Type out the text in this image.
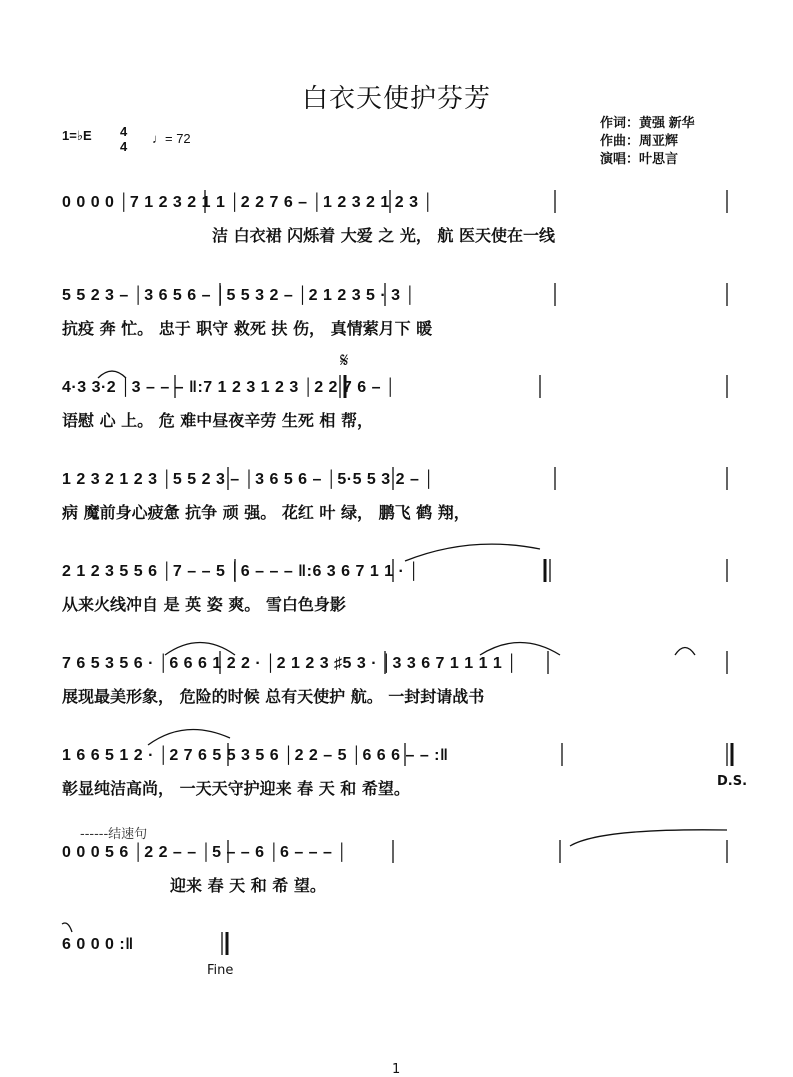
白衣天使护芬芳
1=♭E 4
4
♩= 72
作词：黄强 新华
作曲：周亚辉
演唱：叶思言
0 0 0 0 │7 1 2 3 2 1 1 │2 2 7 6 – │1 2 3 2 1 2 3 │
洁 白衣裙 闪烁着 大爱 之 光， 航 医天使在一线
5 5 2 3 – │3 6 5 6 – │5 5 3 2 – │2 1 2 3 5 · 3 │
抗疫 奔 忙。 忠于 职守 救死 扶 伤， 真情萦月下 暖
𝄋
4·3 3·2 │3 – – – ‖:7 1 2 3 1 2 3 │2 2 7 6 – │
语慰 心 上。 危 难中昼夜辛劳 生死 相 帮，
1 2 3 2 1 2 3 │5 5 2 3 – │3 6 5 6 – │5·5 5 3 2 – │
病 魔前身心疲惫 抗争 顽 强。 花红 叶 绿， 鹏飞 鹤 翔，
2 1 2 3 5 5 6 │7 – – 5 │6 – – – ‖:6 3 6 7 1 1 · │
从来火线冲自 是 英 姿 爽。 雪白色身影
7 6 5 3 5 6 · │6 6 6 1 2 2 · │2 1 2 3 ♯5 3 · │3 3 6 7 1 1 1 1 │
展现最美形象， 危险的时候 总有天使护 航。 一封封请战书
1 6 6 5 1 2 · │2 7 6 5 5 3 5 6 │2 2 – 5 │6 6 6 – – :‖
彰显纯洁高尚， 一天天守护迎来 春 天 和 希望。	D.S.
------结速句
0 0 0 5 6 │2 2 – – │5 – – 6 │6 – – – │
迎来 春 天 和 希 望。
6 0 0 0 :‖
Fine
1
